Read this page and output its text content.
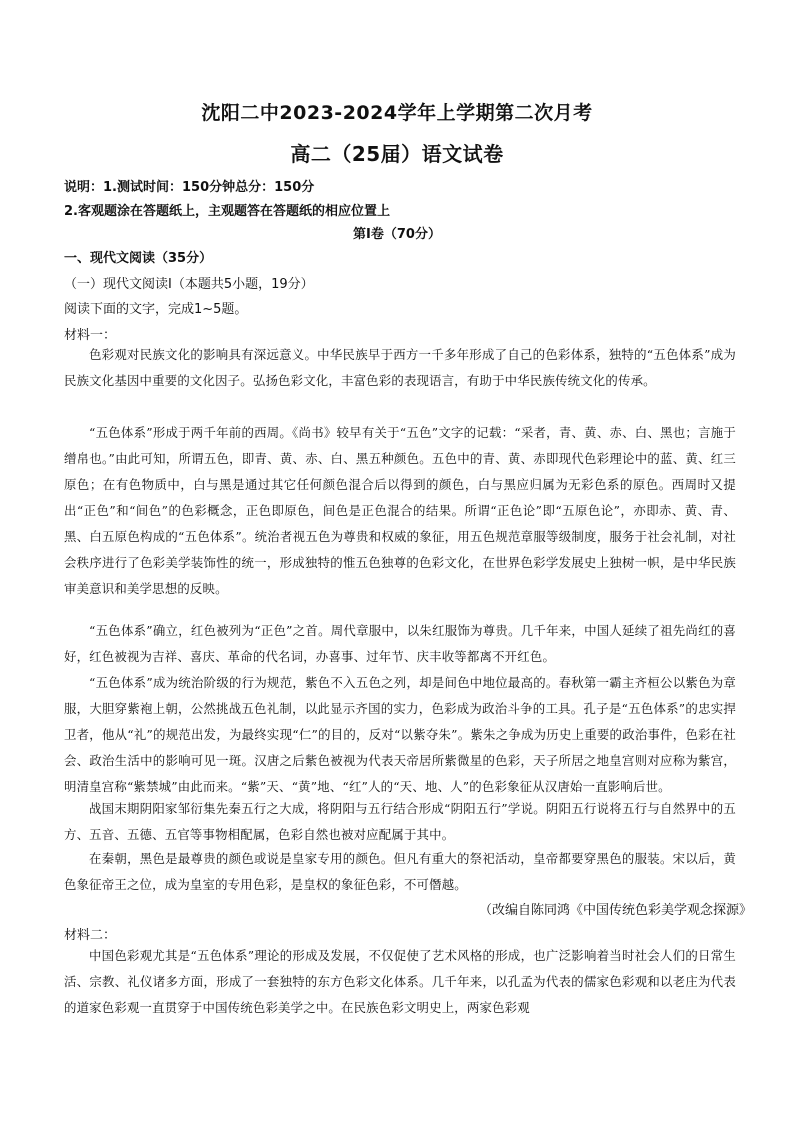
沈阳二中2023-2024学年上学期第二次月考
高二（25届）语文试卷
说明：1.测试时间：150分钟总分：150分
2.客观题涂在答题纸上，主观题答在答题纸的相应位置上
第Ⅰ卷（70分）
一、现代文阅读（35分）
（一）现代文阅读Ⅰ（本题共5小题，19分）
阅读下面的文字，完成1~5题。
材料一：
色彩观对民族文化的影响具有深远意义。中华民族早于西方一千多年形成了自己的色彩体系，独特的“五色体系”成为民族文化基因中重要的文化因子。弘扬色彩文化，丰富色彩的表现语言，有助于中华民族传统文化的传承。
“五色体系”形成于两千年前的西周。《尚书》较早有关于“五色”文字的记载：“采者，青、黄、赤、白、黑也；言施于缯帛也。”由此可知，所谓五色，即青、黄、赤、白、黑五种颜色。五色中的青、黄、赤即现代色彩理论中的蓝、黄、红三原色；在有色物质中，白与黑是通过其它任何颜色混合后以得到的颜色，白与黑应归属为无彩色系的原色。西周时又提出“正色”和“间色”的色彩概念，正色即原色，间色是正色混合的结果。所谓“正色论”即“五原色论”，亦即赤、黄、青、黑、白五原色构成的“五色体系”。统治者视五色为尊贵和权威的象征，用五色规范章服等级制度，服务于社会礼制，对社会秩序进行了色彩美学装饰性的统一，形成独特的惟五色独尊的色彩文化，在世界色彩学发展史上独树一帜，是中华民族审美意识和美学思想的反映。
“五色体系”确立，红色被列为“正色”之首。周代章服中，以朱红服饰为尊贵。几千年来，中国人延续了祖先尚红的喜好，红色被视为吉祥、喜庆、革命的代名词，办喜事、过年节、庆丰收等都离不开红色。
“五色体系”成为统治阶级的行为规范，紫色不入五色之列，却是间色中地位最高的。春秋第一霸主齐桓公以紫色为章服，大胆穿紫袍上朝，公然挑战五色礼制，以此显示齐国的实力，色彩成为政治斗争的工具。孔子是“五色体系”的忠实捍卫者，他从“礼”的规范出发，为最终实现“仁”的目的，反对“以紫夺朱”。紫朱之争成为历史上重要的政治事件，色彩在社会、政治生活中的影响可见一斑。汉唐之后紫色被视为代表天帝居所紫微星的色彩，天子所居之地皇宫则对应称为紫宫，明清皇宫称“紫禁城”由此而来。“紫”天、“黄”地、“红”人的“天、地、人”的色彩象征从汉唐始一直影响后世。
战国末期阴阳家邹衍集先秦五行之大成，将阴阳与五行结合形成“阴阳五行”学说。阴阳五行说将五行与自然界中的五方、五音、五德、五官等事物相配属，色彩自然也被对应配属于其中。
在秦朝，黑色是最尊贵的颜色或说是皇家专用的颜色。但凡有重大的祭祀活动，皇帝都要穿黑色的服装。宋以后，黄色象征帝王之位，成为皇室的专用色彩，是皇权的象征色彩，不可僭越。
（改编自陈同鸿《中国传统色彩美学观念探源》
材料二：
中国色彩观尤其是“五色体系”理论的形成及发展，不仅促使了艺术风格的形成，也广泛影响着当时社会人们的日常生活、宗教、礼仪诸多方面，形成了一套独特的东方色彩文化体系。几千年来，以孔孟为代表的儒家色彩观和以老庄为代表的道家色彩观一直贯穿于中国传统色彩美学之中。在民族色彩文明史上，两家色彩观
